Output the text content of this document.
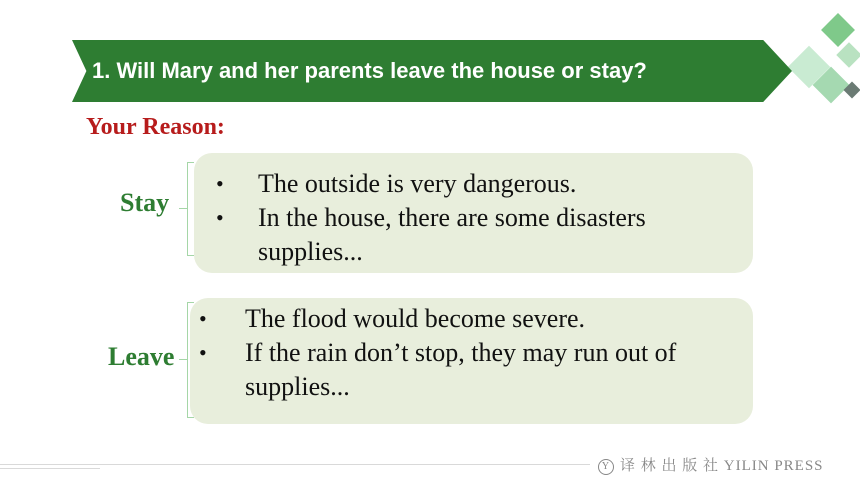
1. Will Mary and her parents leave the house or stay?
Your Reason:
Stay
• The outside is very dangerous.
• In the house, there are some disasters supplies...
Leave
• The flood would become severe.
• If the rain don’t stop, they may run out of supplies...
Y 译 林 出 版 社 YILIN PRESS
